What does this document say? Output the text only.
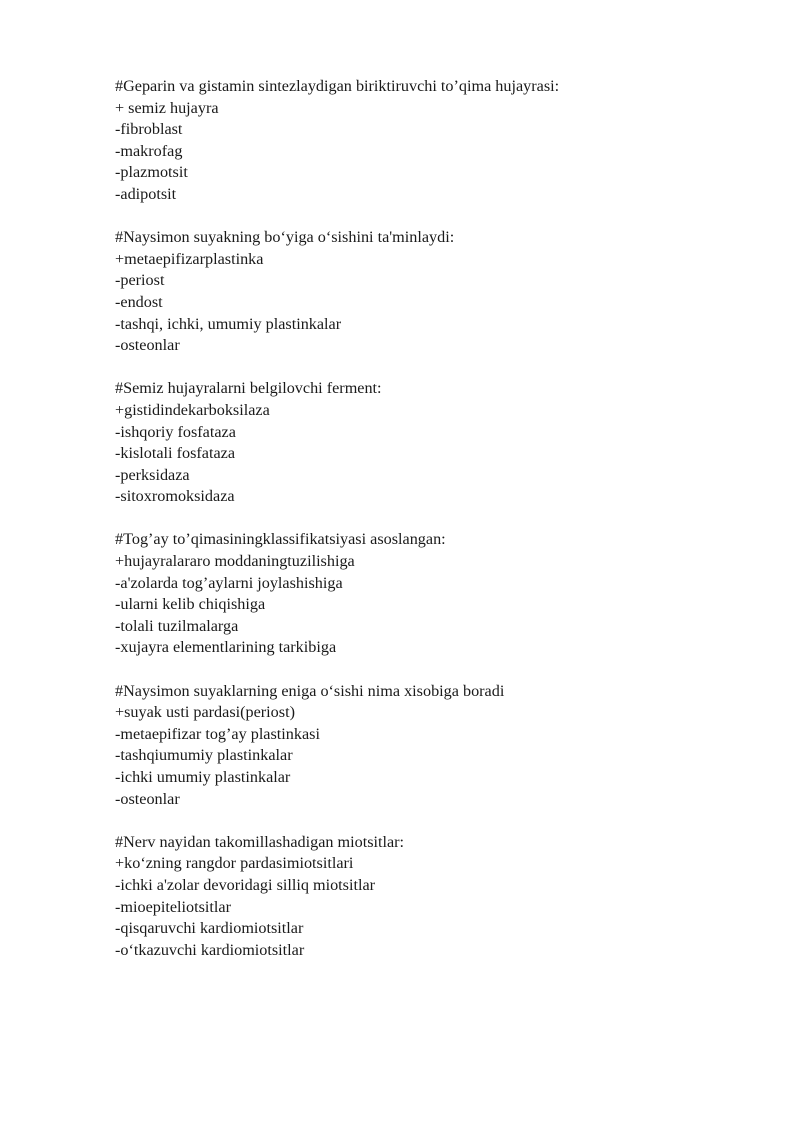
#Geparin va gistamin sintezlaydigan biriktiruvchi to’qima hujayrasi:
+ semiz hujayra
-fibroblast
-makrofag
-plazmotsit
-adipotsit
#Naysimon suyakning bo‘yiga o‘sishini ta'minlaydi:
+metaepifizarplastinka
-periost
-endost
-tashqi, ichki, umumiy plastinkalar
-osteonlar
#Semiz hujayralarni belgilovchi ferment:
+gistidindekarboksilaza
-ishqoriy fosfataza
-kislotali fosfataza
-perksidaza
-sitoxromoksidaza
#Tog’ay to’qimasiningklassifikatsiyasi asoslangan:
+hujayralararo moddaningtuzilishiga
-a'zolarda tog’aylarni joylashishiga
-ularni kelib chiqishiga
-tolali tuzilmalarga
-xujayra elementlarining tarkibiga
#Naysimon suyaklarning eniga o‘sishi nima xisobiga boradi
+suyak usti pardasi(periost)
-metaepifizar tog’ay plastinkasi
-tashqiumumiy plastinkalar
-ichki umumiy plastinkalar
-osteonlar
#Nerv nayidan takomillashadigan miotsitlar:
+ko‘zning rangdor pardasimiotsitlari
-ichki a'zolar devoridagi silliq miotsitlar
-mioepiteliotsitlar
-qisqaruvchi kardiomiotsitlar
-o‘tkazuvchi kardiomiotsitlar
